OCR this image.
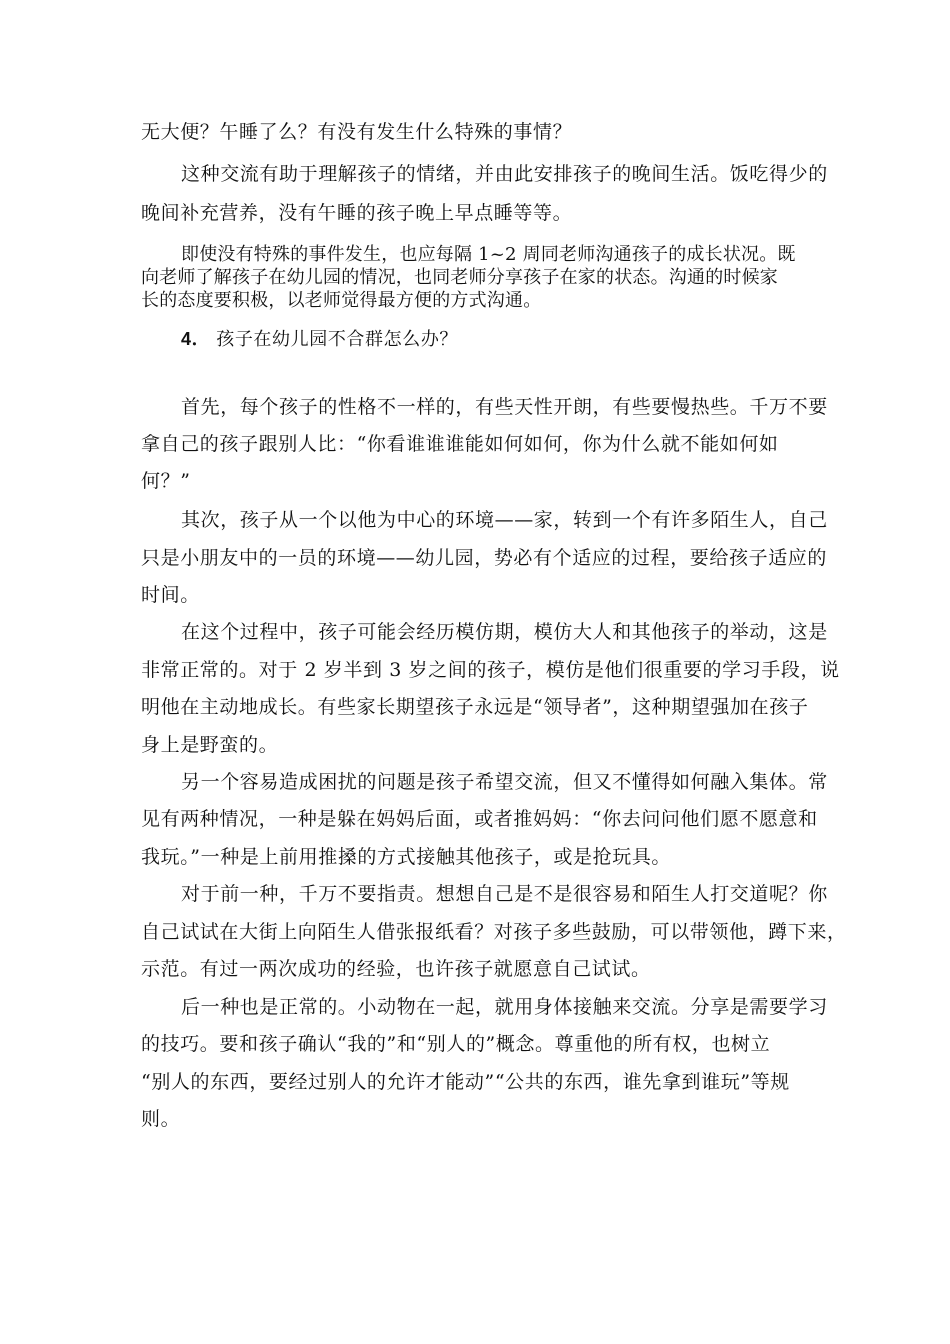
无大便？午睡了么？有没有发生什么特殊的事情？
这种交流有助于理解孩子的情绪，并由此安排孩子的晚间生活。饭吃得少的
晚间补充营养，没有午睡的孩子晚上早点睡等等。
即使没有特殊的事件发生，也应每隔 1~2 周同老师沟通孩子的成长状况。既
向老师了解孩子在幼儿园的情况，也同老师分享孩子在家的状态。沟通的时候家
长的态度要积极，以老师觉得最方便的方式沟通。
4． 孩子在幼儿园不合群怎么办？
首先，每个孩子的性格不一样的，有些天性开朗，有些要慢热些。千万不要
拿自己的孩子跟别人比：“你看谁谁谁能如何如何，你为什么就不能如何如
何？”
其次，孩子从一个以他为中心的环境——家，转到一个有许多陌生人，自己
只是小朋友中的一员的环境——幼儿园，势必有个适应的过程，要给孩子适应的
时间。
在这个过程中，孩子可能会经历模仿期，模仿大人和其他孩子的举动，这是
非常正常的。对于 2 岁半到 3 岁之间的孩子，模仿是他们很重要的学习手段，说
明他在主动地成长。有些家长期望孩子永远是“领导者”，这种期望强加在孩子
身上是野蛮的。
另一个容易造成困扰的问题是孩子希望交流，但又不懂得如何融入集体。常
见有两种情况，一种是躲在妈妈后面，或者推妈妈：“你去问问他们愿不愿意和
我玩。”一种是上前用推搡的方式接触其他孩子，或是抢玩具。
对于前一种，千万不要指责。想想自己是不是很容易和陌生人打交道呢？你
自己试试在大街上向陌生人借张报纸看？对孩子多些鼓励，可以带领他，蹲下来，
示范。有过一两次成功的经验，也许孩子就愿意自己试试。
后一种也是正常的。小动物在一起，就用身体接触来交流。分享是需要学习
的技巧。要和孩子确认“我的”和“别人的”概念。尊重他的所有权，也树立
“别人的东西，要经过别人的允许才能动”“公共的东西，谁先拿到谁玩”等规
则。
